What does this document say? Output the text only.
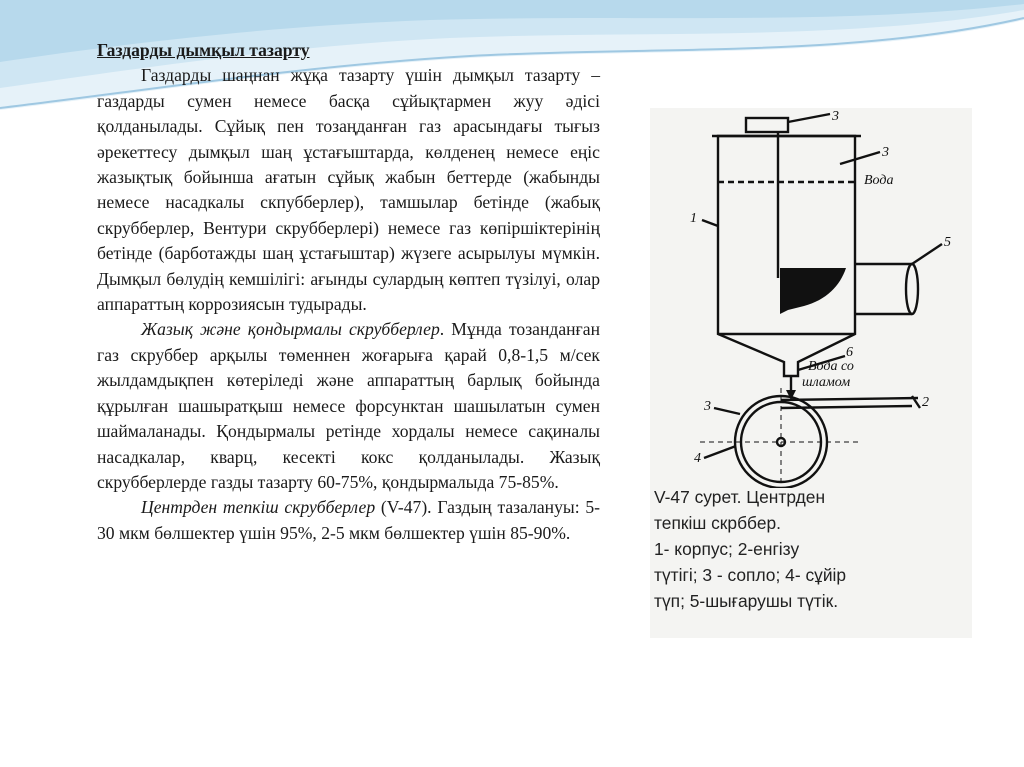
Газдарды дымқыл тазарту

Газдарды шаңнан жұқа тазарту үшін дымқыл тазарту – газдарды сумен немесе басқа сұйықтармен жуу әдісі қолданылады. Сұйық пен тозаңданған газ арасындағы тығыз әрекеттесу дымқыл шаң ұстағыштарда, көлденең немесе еңіс жазықтық бойынша ағатын сұйық жабын беттерде (жабынды немесе насадкалы скпубберлер), тамшылар бетінде (жабық скрубберлер, Вентури скрубберлері) немесе газ көпіршіктерінің бетінде (барботажды шаң ұстағыштар) жүзеге асырылуы мүмкін. Дымқыл бөлудің кемшілігі: ағынды сулардың көптеп түзілуі, олар аппараттың коррозиясын тудырады.

Жазық және қондырмалы скрубберлер. Мұнда тозанданған газ скруббер арқылы төменнен жоғарыға қарай 0,8-1,5 м/сек жылдамдықпен көтеріледі және аппараттың барлық бойында құрылған шашыратқыш немесе форсунктан шашылатын сумен шаймаланады. Қондырмалы ретінде хордалы немесе сақиналы насадкалар, кварц, кесекті кокс қолданылады. Жазық скрубберлерде газды тазарту 60-75%, қондырмалыда 75-85%.

Центрден тепкіш скрубберлер (V-47). Газдың тазалануы: 5-30 мкм бөлшектер үшін 95%, 2-5 мкм бөлшектер үшін 85-90%.

3
3
Вода
1
5
6
Вода со
шламом
3	2
4
V-47 сурет. Центрден
тепкіш скрббер.
1- корпус; 2-енгізу
түтігі; 3 - сопло; 4- сұйір
түп; 5-шығарушы түтік.
